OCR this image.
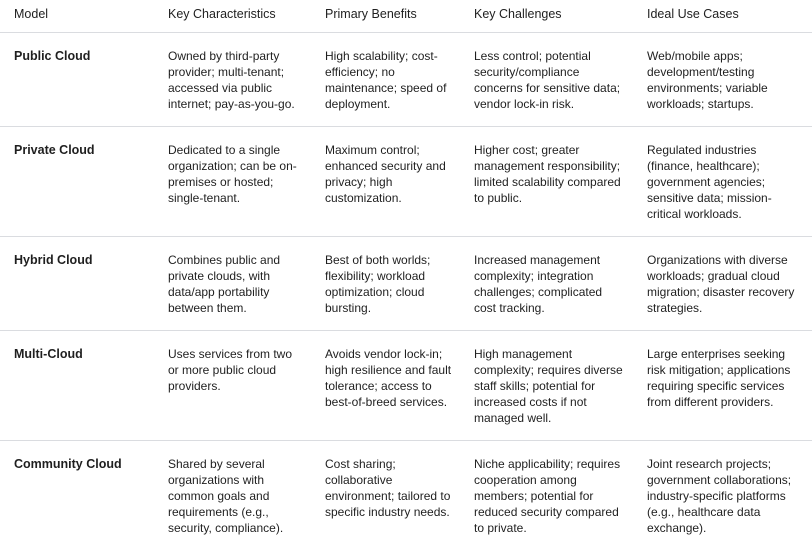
Model	Key Characteristics	Primary Benefits	Key Challenges	Ideal Use Cases
Public Cloud	Owned by third-party provider; multi-tenant; accessed via public internet; pay-as-you-go.	High scalability; cost-efficiency; no maintenance; speed of deployment.	Less control; potential security/compliance concerns for sensitive data; vendor lock-in risk.	Web/mobile apps; development/testing environments; variable workloads; startups.
Private Cloud	Dedicated to a single organization; can be on-premises or hosted; single-tenant.	Maximum control; enhanced security and privacy; high customization.	Higher cost; greater management responsibility; limited scalability compared to public.	Regulated industries (finance, healthcare); government agencies; sensitive data; mission-critical workloads.
Hybrid Cloud	Combines public and private clouds, with data/app portability between them.	Best of both worlds; flexibility; workload optimization; cloud bursting.	Increased management complexity; integration challenges; complicated cost tracking.	Organizations with diverse workloads; gradual cloud migration; disaster recovery strategies.
Multi-Cloud	Uses services from two or more public cloud providers.	Avoids vendor lock-in; high resilience and fault tolerance; access to best-of-breed services.	High management complexity; requires diverse staff skills; potential for increased costs if not managed well.	Large enterprises seeking risk mitigation; applications requiring specific services from different providers.
Community Cloud	Shared by several organizations with common goals and requirements (e.g., security, compliance).	Cost sharing; collaborative environment; tailored to specific industry needs.	Niche applicability; requires cooperation among members; potential for reduced security compared to private.	Joint research projects; government collaborations; industry-specific platforms (e.g., healthcare data exchange).
